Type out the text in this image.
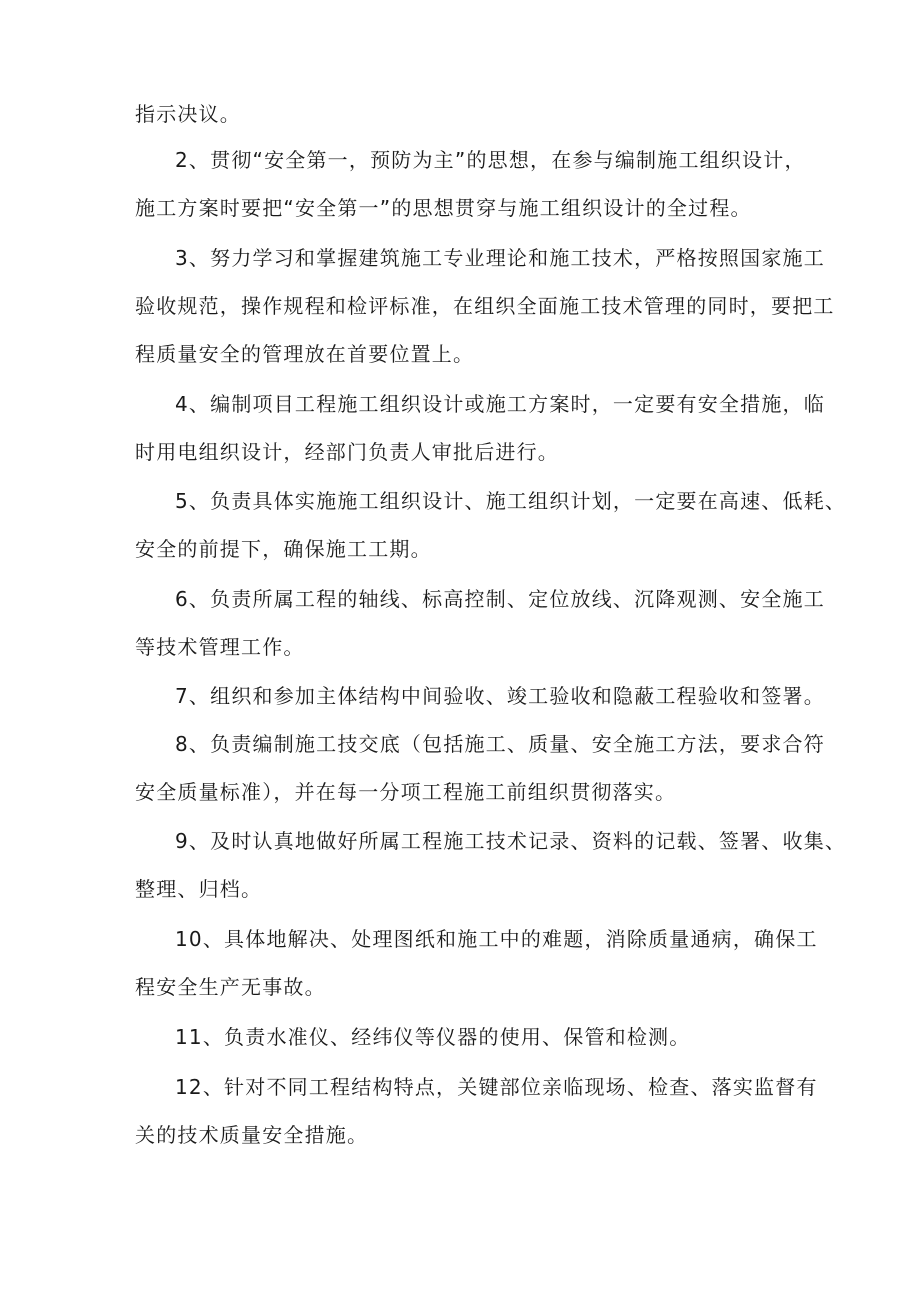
指示决议。
2、贯彻“安全第一，预防为主”的思想，在参与编制施工组织设计，
施工方案时要把“安全第一”的思想贯穿与施工组织设计的全过程。
3、努力学习和掌握建筑施工专业理论和施工技术，严格按照国家施工
验收规范，操作规程和检评标准，在组织全面施工技术管理的同时，要把工
程质量安全的管理放在首要位置上。
4、编制项目工程施工组织设计或施工方案时，一定要有安全措施，临
时用电组织设计，经部门负责人审批后进行。
5、负责具体实施施工组织设计、施工组织计划，一定要在高速、低耗、
安全的前提下，确保施工工期。
6、负责所属工程的轴线、标高控制、定位放线、沉降观测、安全施工
等技术管理工作。
7、组织和参加主体结构中间验收、竣工验收和隐蔽工程验收和签署。
8、负责编制施工技交底（包括施工、质量、安全施工方法，要求合符
安全质量标准），并在每一分项工程施工前组织贯彻落实。
9、及时认真地做好所属工程施工技术记录、资料的记载、签署、收集、
整理、归档。
10、具体地解决、处理图纸和施工中的难题，消除质量通病，确保工
程安全生产无事故。
11、负责水准仪、经纬仪等仪器的使用、保管和检测。
12、针对不同工程结构特点，关键部位亲临现场、检查、落实监督有
关的技术质量安全措施。
